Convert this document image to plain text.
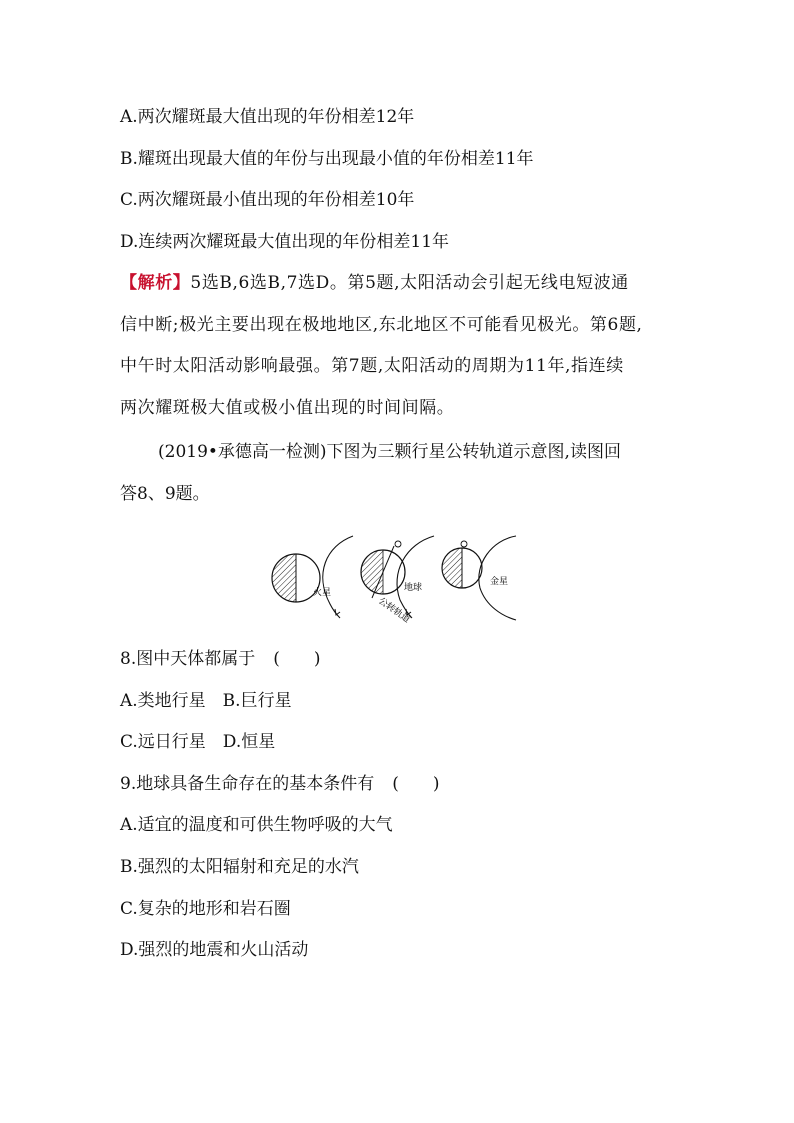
A.两次耀斑最大值出现的年份相差12年
B.耀斑出现最大值的年份与出现最小值的年份相差11年
C.两次耀斑最小值出现的年份相差10年
D.连续两次耀斑最大值出现的年份相差11年
【解析】5选B,6选B,7选D。第5题,太阳活动会引起无线电短波通
信中断;极光主要出现在极地地区,东北地区不可能看见极光。第6题,
中午时太阳活动影响最强。第7题,太阳活动的周期为11年,指连续
两次耀斑极大值或极小值出现的时间间隔。
(2019•承德高一检测)下图为三颗行星公转轨道示意图,读图回
答8、9题。
火星	地球
公转轨道
金星
8.图中天体都属于 (　　)
A.类地行星　B.巨行星
C.远日行星　D.恒星
9.地球具备生命存在的基本条件有 (　　)
A.适宜的温度和可供生物呼吸的大气
B.强烈的太阳辐射和充足的水汽
C.复杂的地形和岩石圈
D.强烈的地震和火山活动
